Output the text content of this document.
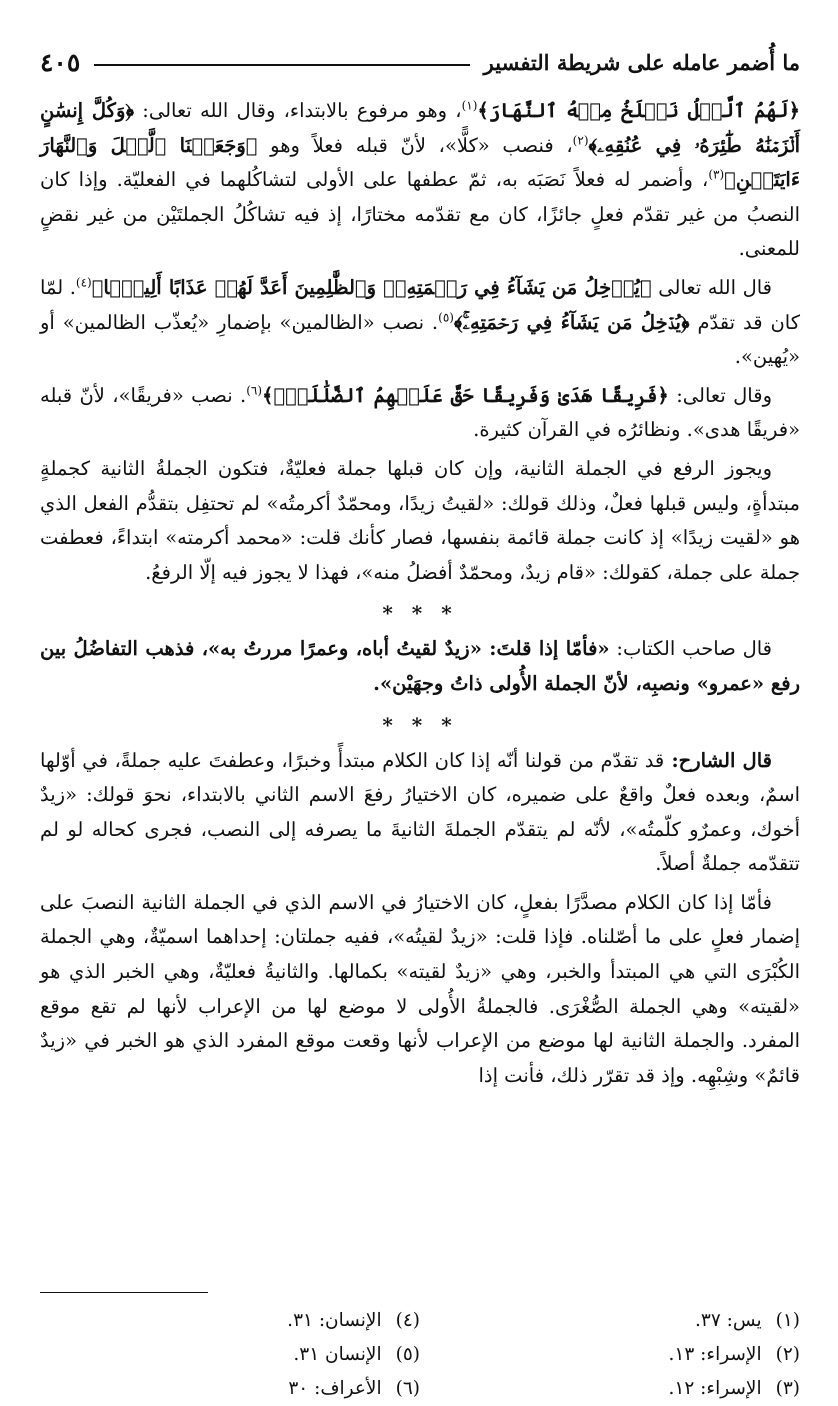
ما أُضمر عامله على شريطة التفسير
٤٠٥

﴿لَهُمُ ٱلَّيۡلُ نَسۡلَخُ مِنۡهُ ٱلنَّهَارَ﴾$^{(١)}$، وهو مرفوع بالابتداء، وقال الله تعالى: ﴿وَكُلَّ إِنسَٰنٍ أَلۡزَمۡنَٰهُ طَٰٓئِرَهُۥ فِي عُنُقِهِۦ﴾$^{(٢)}$، فنصب «كلًّا»، لأنّ قبله فعلاً وهو ﴿وَجَعَلۡنَا ٱلَّيۡلَ وَٱلنَّهَارَ ءَايَتَيۡنِ﴾$^{(٣)}$، وأضمر له فعلاً نَصَبَه به، ثمّ عطفها على الأولى لتشاكُلهما في الفعليّة. وإذا كان النصبُ من غير تقدّم فعلٍ جائزًا، كان مع تقدّمه مختارًا، إذ فيه تشاكُلُ الجملتَيْن من غير نقضٍ للمعنى.

قال الله تعالى ﴿يُدۡخِلُ مَن يَشَآءُ فِي رَحۡمَتِهِۦۚ وَٱلظَّٰلِمِينَ أَعَدَّ لَهُمۡ عَذَابًا أَلِيمَۢا﴾$^{(٤)}$. لمّا كان قد تقدّم ﴿يُدۡخِلُ مَن يَشَآءُ فِي رَحۡمَتِهِۦۚ﴾$^{(٥)}$. نصب «الظالمين» بإضمارِ «يُعذّب الظالمين» أو «يُهين».

وقال تعالى: ﴿فَرِيقًا هَدَىٰ وَفَرِيقًا حَقَّ عَلَيۡهِمُ ٱلضَّلَٰلَةُۚ﴾$^{(٦)}$. نصب «فريقًا»، لأنّ قبله «فريقًا هدى». ونظائرُه في القرآن كثيرة.

ويجوز الرفع في الجملة الثانية، وإن كان قبلها جملة فعليّةٌ، فتكون الجملةُ الثانية كجملةٍ مبتدأةٍ، وليس قبلها فعلٌ، وذلك قولك: «لقيتُ زيدًا، ومحمّدٌ أكرمتُه» لم تحتفِل بتقدُّم الفعل الذي هو «لقيت زيدًا» إذ كانت جملة قائمة بنفسها، فصار كأنك قلت: «محمد أكرمته» ابتداءً، فعطفت جملة على جملة، كقولك: «قام زيدٌ، ومحمّدٌ أفضلُ منه»، فهذا لا يجوز فيه إلّا الرفعُ.

* * *

قال صاحب الكتاب: «فأمّا إذا قلتَ: «زيدٌ لقيتُ أباه، وعمرًا مررتُ به»، فذهب التفاضُلُ بين رفع «عمرو» ونصبِه، لأنّ الجملة الأُولى ذاتُ وجهَيْن».

* * *

قال الشارح: قد تقدّم من قولنا أنّه إذا كان الكلام مبتدأً وخبرًا، وعطفتَ عليه جملةً، في أوّلها اسمٌ، وبعده فعلٌ واقعٌ على ضميره، كان الاختيارُ رفعَ الاسم الثاني بالابتداء، نحوَ قولك: «زيدٌ أخوك، وعمرٌو كلّمتُه»، لأنّه لم يتقدّم الجملةَ الثانيةَ ما يصرفه إلى النصب، فجرى كحاله لو لم تتقدّمه جملةٌ أصلاً.

فأمّا إذا كان الكلام مصدَّرًا بفعلٍ، كان الاختيارُ في الاسم الذي في الجملة الثانية النصبَ على إضمار فعلٍ على ما أصّلناه. فإذا قلت: «زيدٌ لقيتُه»، ففيه جملتان: إحداهما اسميّةٌ، وهي الجملة الكُبْرَى التي هي المبتدأ والخبر، وهي «زيدٌ لقيته» بكمالها. والثانيةُ فعليّةٌ، وهي الخبر الذي هو «لقيته» وهي الجملة الصُّغْرَى. فالجملةُ الأُولى لا موضع لها من الإعراب لأنها لم تقع موقع المفرد. والجملة الثانية لها موضع من الإعراب لأنها وقعت موقع المفرد الذي هو الخبر في «زيدٌ قائمٌ» وشِبْهِه. وإذ قد تقرّر ذلك، فأنت إذا

(١)يس: ٣٧.
(٤)الإنسان: ٣١.
(٢)الإسراء: ١٣.
(٥)الإنسان ٣١.
(٣)الإسراء: ١٢.
(٦)الأعراف: ٣٠
